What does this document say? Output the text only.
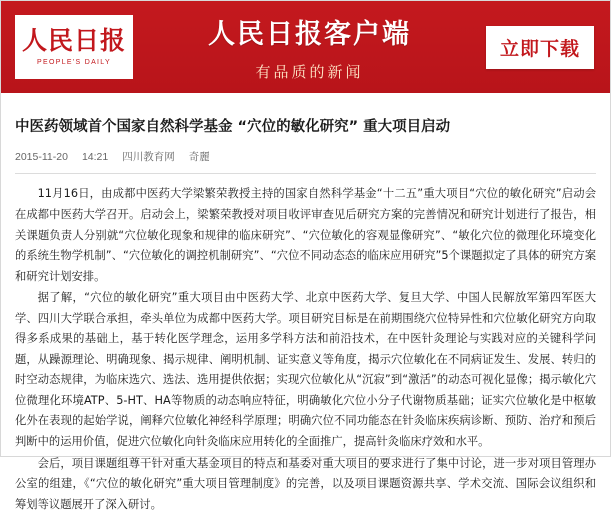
人民日报
PEOPLE'S DAILY
人民日报客户端
有品质的新闻
立即下载
中医药领域首个国家自然科学基金 “穴位的敏化研究” 重大项目启动
2015-11-20 14:21 四川教育网 奇麗

11月16日，由成都中医药大学梁繁荣教授主持的国家自然科学基金“十二五”重大项目“穴位的敏化研究”启动会在成都中医药大学召开。启动会上，梁繁荣教授对项目收评审查见后研究方案的完善情况和研究计划进行了报告，相关课题负责人分别就“穴位敏化现象和规律的临床研究”、“穴位敏化的容观显像研究”、“敏化穴位的微理化环境变化的系统生物学机制”、“穴位敏化的调控机制研究”、“穴位不同动态态的临床应用研究”5个课题拟定了具体的研究方案和研究计划安排。

据了解，“穴位的敏化研究”重大项目由中医药大学、北京中医药大学、复旦大学、中国人民解放军第四军医大学、四川大学联合承担，牵头单位为成都中医药大学。项目研究目标是在前期围绕穴位特异性和穴位敏化研究方向取得多系成果的基础上，基于转化医学理念，运用多学科方法和前沿技术，在中医针灸理论与实践对应的关键科学问题，从躁源理论、明确现象、揭示规律、阐明机制、证实意义等角度，揭示穴位敏化在不同病证发生、发展、转归的时空动态规律，为临床选穴、选法、选用提供依据；实现穴位敏化从“沉寂”到“激活”的动态可视化显像；揭示敏化穴位微理化环境ATP、5-HT、HA等物质的动态响应特征，明确敏化穴位小分子代谢物质基础；证实穴位敏化是中枢敏化外在表现的起始学说，阐释穴位敏化神经科学原理；明确穴位不同功能态在针灸临床疾病诊断、预防、治疗和预后判断中的运用价值，促进穴位敏化向针灸临床应用转化的全面推广，提高针灸临床疗效和水平。

会后，项目课题组尊干针对重大基金项目的特点和基委对重大项目的要求进行了集中讨论，进一步对项目管理办公室的组建，《“穴位的敏化研究”重大项目管理制度》的完善，以及项目课题资源共享、学术交流、国际会议组织和筹划等议题展开了深入研讨。
